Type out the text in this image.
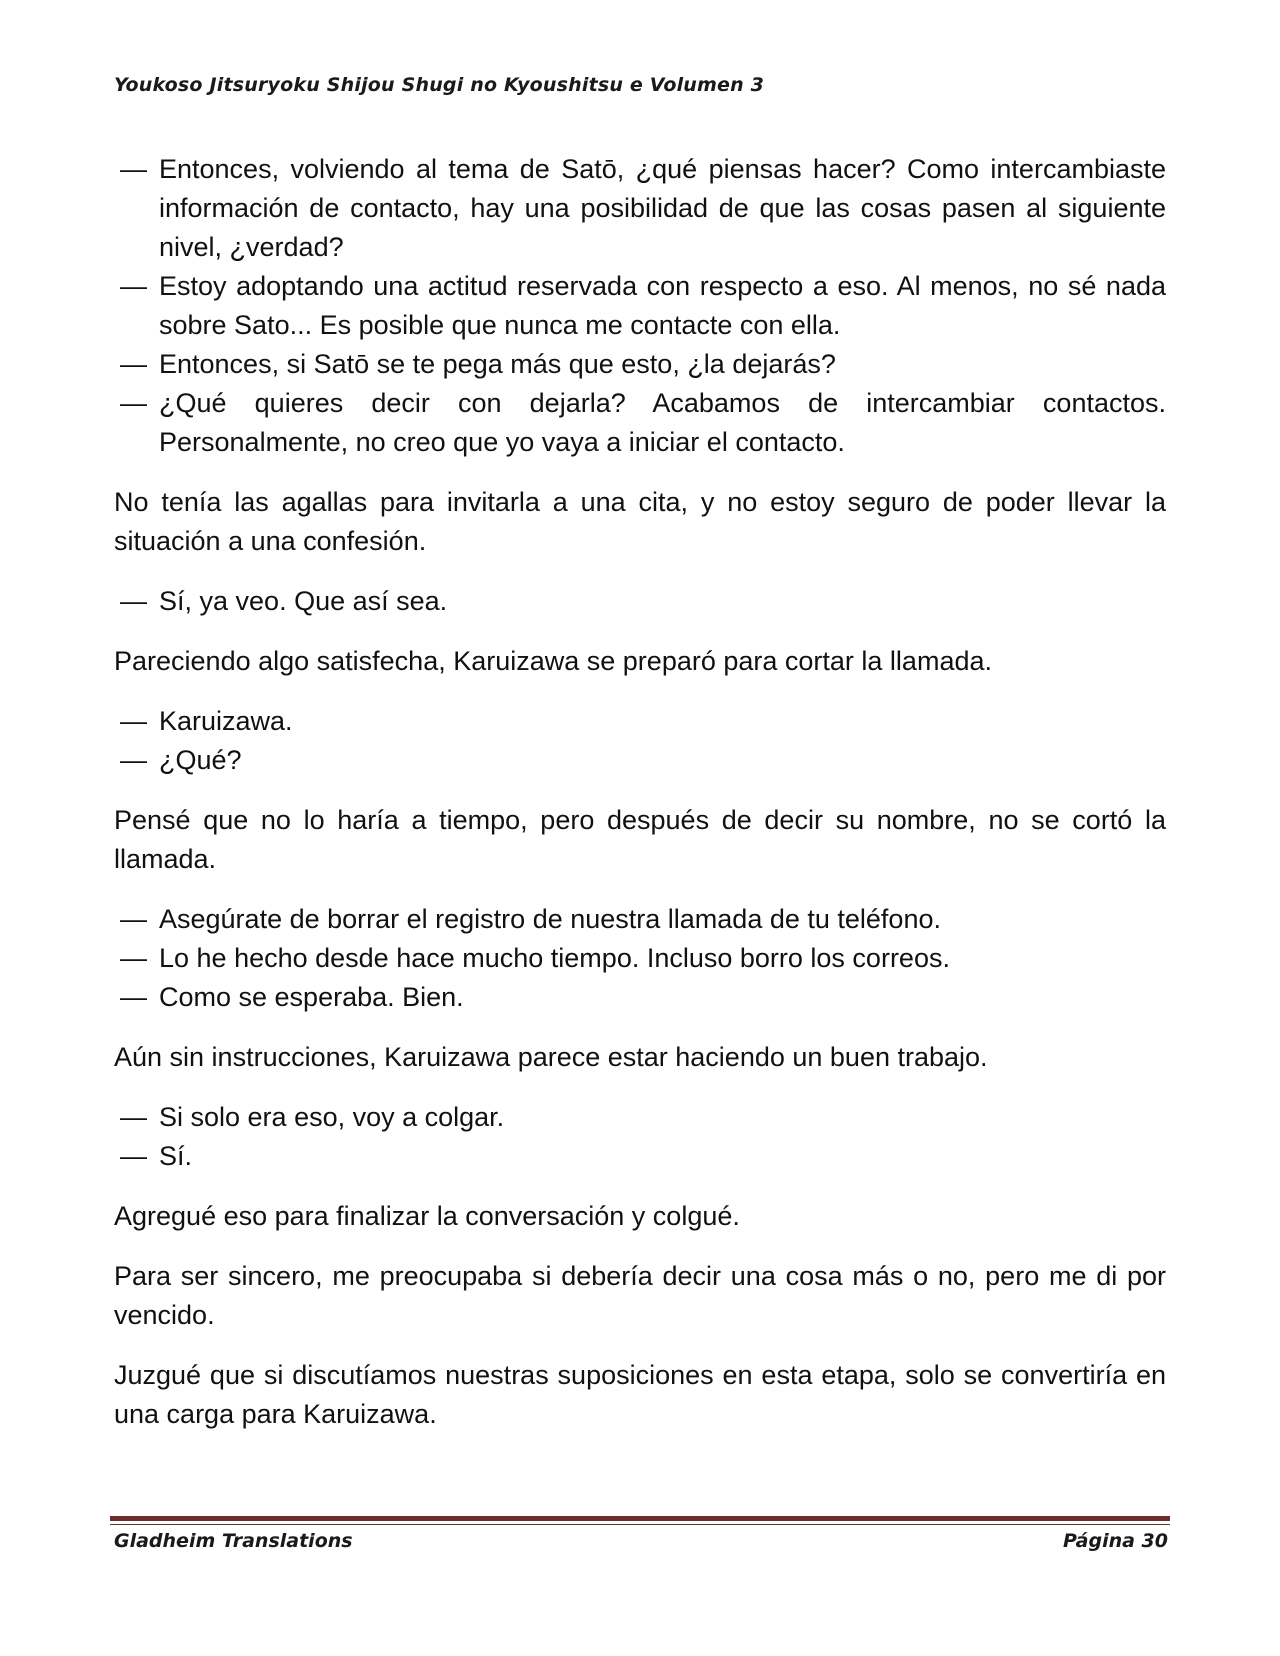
Youkoso Jitsuryoku Shijou Shugi no Kyoushitsu e Volumen 3
— Entonces, volviendo al tema de Satō, ¿qué piensas hacer? Como intercambiaste información de contacto, hay una posibilidad de que las cosas pasen al siguiente nivel, ¿verdad?
— Estoy adoptando una actitud reservada con respecto a eso. Al menos, no sé nada sobre Sato... Es posible que nunca me contacte con ella.
— Entonces, si Satō se te pega más que esto, ¿la dejarás?
— ¿Qué quieres decir con dejarla? Acabamos de intercambiar contactos. Personalmente, no creo que yo vaya a iniciar el contacto.
No tenía las agallas para invitarla a una cita, y no estoy seguro de poder llevar la situación a una confesión.
— Sí, ya veo. Que así sea.
Pareciendo algo satisfecha, Karuizawa se preparó para cortar la llamada.
— Karuizawa.
— ¿Qué?
Pensé que no lo haría a tiempo, pero después de decir su nombre, no se cortó la llamada.
— Asegúrate de borrar el registro de nuestra llamada de tu teléfono.
— Lo he hecho desde hace mucho tiempo. Incluso borro los correos.
— Como se esperaba. Bien.
Aún sin instrucciones, Karuizawa parece estar haciendo un buen trabajo.
— Si solo era eso, voy a colgar.
— Sí.
Agregué eso para finalizar la conversación y colgué.
Para ser sincero, me preocupaba si debería decir una cosa más o no, pero me di por vencido.
Juzgué que si discutíamos nuestras suposiciones en esta etapa, solo se convertiría en una carga para Karuizawa.
Gladheim Translations	Página 30
